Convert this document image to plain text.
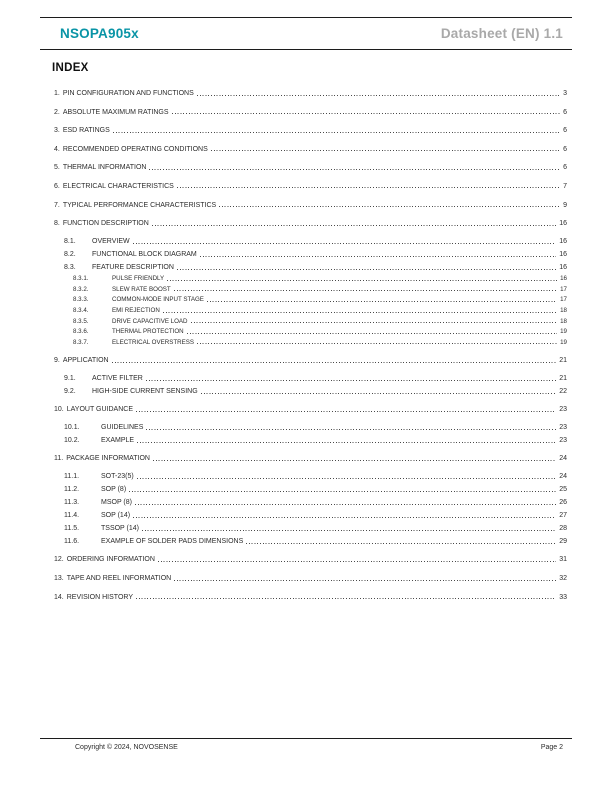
NSOPA905x	Datasheet (EN) 1.1
INDEX
1. PIN CONFIGURATION AND FUNCTIONS	3
2. ABSOLUTE MAXIMUM RATINGS	6
3. ESD RATINGS	6
4. RECOMMENDED OPERATING CONDITIONS	6
5. THERMAL INFORMATION	6
6. ELECTRICAL CHARACTERISTICS	7
7. TYPICAL PERFORMANCE CHARACTERISTICS	9
8. FUNCTION DESCRIPTION	16
8.1.	OVERVIEW	16
8.2.	FUNCTIONAL BLOCK DIAGRAM	16
8.3.	FEATURE DESCRIPTION	16
8.3.1.	PULSE FRIENDLY	16
8.3.2.	SLEW RATE BOOST	17
8.3.3.	COMMON-MODE INPUT STAGE	17
8.3.4.	EMI REJECTION	18
8.3.5.	DRIVE CAPACITIVE LOAD	18
8.3.6.	THERMAL PROTECTION	19
8.3.7.	ELECTRICAL OVERSTRESS	19
9. APPLICATION	21
9.1.	ACTIVE FILTER	21
9.2.	HIGH-SIDE CURRENT SENSING	22
10. LAYOUT GUIDANCE	23
10.1.	GUIDELINES	23
10.2.	EXAMPLE	23
11. PACKAGE INFORMATION	24
11.1.	SOT-23(5)	24
11.2.	SOP (8)	25
11.3.	MSOP (8)	26
11.4.	SOP (14)	27
11.5.	TSSOP (14)	28
11.6.	EXAMPLE OF SOLDER PADS DIMENSIONS	29
12. ORDERING INFORMATION	31
13. TAPE AND REEL INFORMATION	32
14. REVISION HISTORY	33
Copyright © 2024, NOVOSENSE	Page 2
